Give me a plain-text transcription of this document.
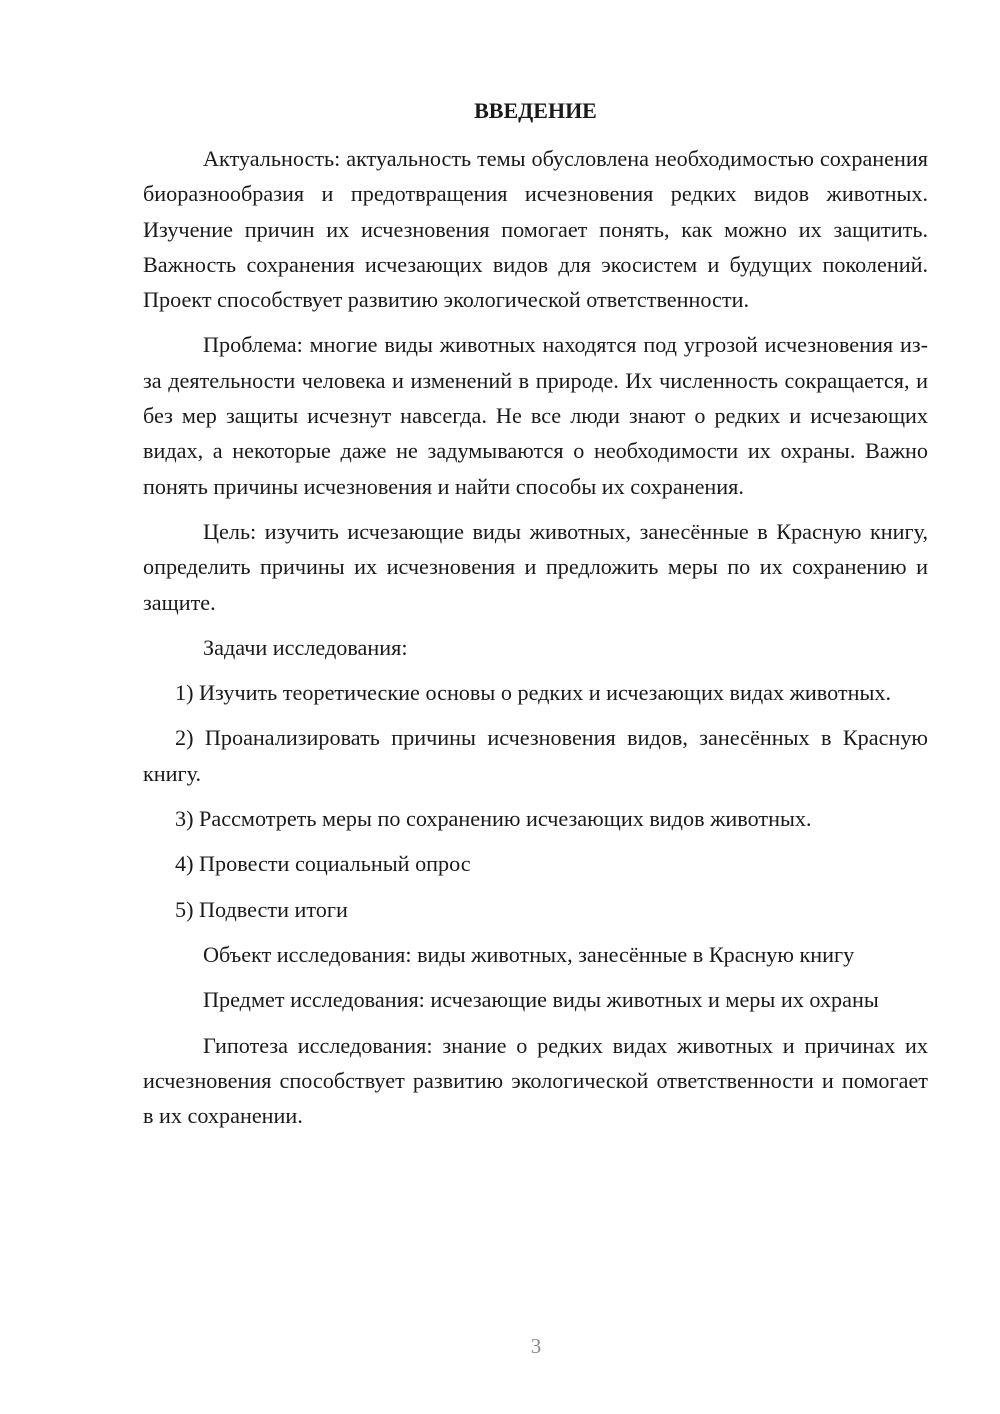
ВВЕДЕНИЕ

Актуальность: актуальность темы обусловлена необходимостью сохранения биоразнообразия и предотвращения исчезновения редких видов животных. Изучение причин их исчезновения помогает понять, как можно их защитить. Важность сохранения исчезающих видов для экосистем и будущих поколений. Проект способствует развитию экологической ответственности.

Проблема: многие виды животных находятся под угрозой исчезновения из-за деятельности человека и изменений в природе. Их численность сокращается, и без мер защиты исчезнут навсегда. Не все люди знают о редких и исчезающих видах, а некоторые даже не задумываются о необходимости их охраны. Важно понять причины исчезновения и найти способы их сохранения.

Цель: изучить исчезающие виды животных, занесённые в Красную книгу, определить причины их исчезновения и предложить меры по их сохранению и защите.

Задачи исследования:

1) Изучить теоретические основы о редких и исчезающих видах животных.

2) Проанализировать причины исчезновения видов, занесённых в Красную книгу.

3) Рассмотреть меры по сохранению исчезающих видов животных.

4) Провести социальный опрос

5) Подвести итоги

Объект исследования: виды животных, занесённые в Красную книгу

Предмет исследования: исчезающие виды животных и меры их охраны

Гипотеза исследования: знание о редких видах животных и причинах их исчезновения способствует развитию экологической ответственности и помогает в их сохранении.

3
